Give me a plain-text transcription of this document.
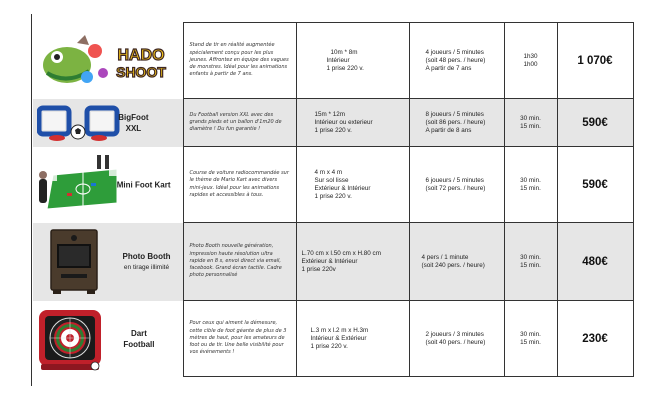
HADO
SHOOT	Stand de tir en réalité augmentée spécialement conçu pour les plus jeunes. Affrontez en équipe des vagues de monstres. Idéal pour les animations enfants à partir de 7 ans.	10m * 8m
Intérieur
1 prise 220 v.	4 joueurs / 5 minutes
(soit 48 pers. / heure)
A partir de 7 ans	1h30
1h00	1 070€

BigFoot
XXL	Du Football version XXL avec des grands pieds et un ballon d'1m20 de diamètre ! Du fun garantie !	15m * 12m
Intérieur ou exterieur
1 prise 220 v.	8 joueurs / 5 minutes
(soit 86 pers. / heure)
A partir de 8 ans	30 min.
15 min.	590€

Mini Foot Kart	Course de voiture radiocommandée sur le thème de Mario Kart avec divers mini-jeux. Idéal pour les animations rapides et accessibles à tous.	4 m x 4 m
Sur sol lisse
Extérieur & Intérieur
1 prise 220 v.	6 joueurs / 5 minutes
(soit 72 pers. / heure)	30 min.
15 min.	590€

Photo Booth
en tirage illimité	Photo Booth nouvelle génération, impression haute résolution ultra rapide en 8 s, envoi direct via email, facebook. Grand écran tactile. Cadre photo personnalisé	L.70 cm x l.50 cm x H.80 cm
Extérieur & Intérieur
1 prise 220v	4 pers / 1 minute
(soit 240 pers. / heure)	30 min.
15 min.	480€

Dart
Football	Pour ceux qui aiment la démesure, cette cible de foot géante de plus de 3 mètres de haut, pour les amateurs de foot ou de tir. Une belle visibilité pour vos événements !	L.3 m x l.2 m x H.3m
Intérieur & Extérieur
1 prise 220 v.	2 joueurs / 3 minutes
(soit 40 pers. / heure)	30 min.
15 min.	230€
